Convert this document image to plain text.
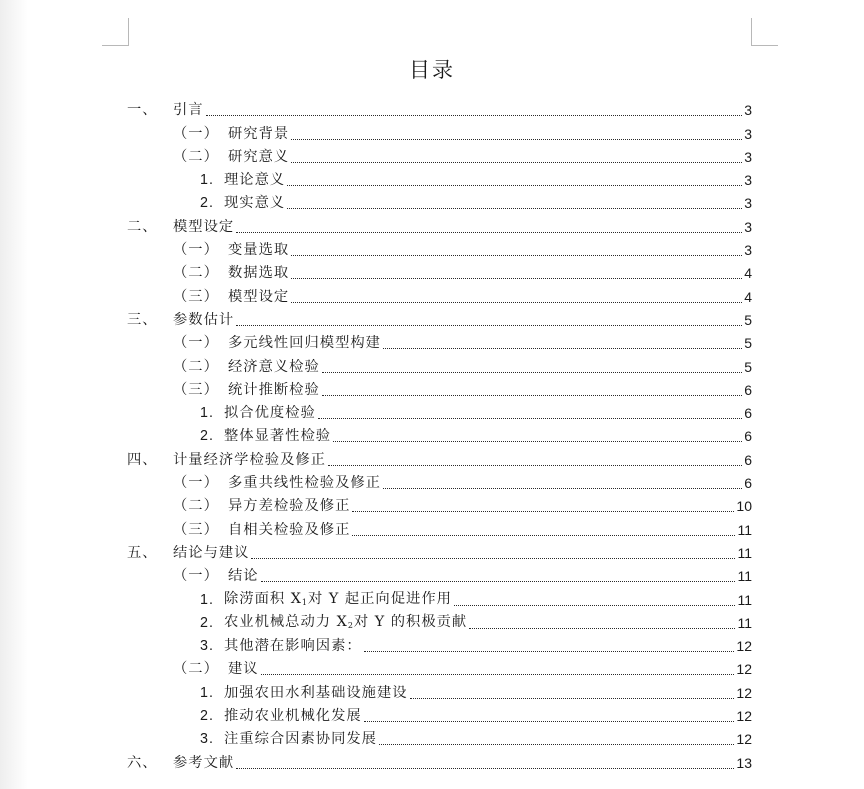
目录
一、	引言	3
（一） 研究背景	3
（二） 研究意义	3
1. 理论意义	3
2. 现实意义	3
二、	模型设定	3
（一） 变量选取	3
（二） 数据选取	4
（三） 模型设定	4
三、	参数估计	5
（一） 多元线性回归模型构建	5
（二） 经济意义检验	5
（三） 统计推断检验	6
1. 拟合优度检验	6
2. 整体显著性检验	6
四、	计量经济学检验及修正	6
（一） 多重共线性检验及修正	6
（二） 异方差检验及修正	10
（三） 自相关检验及修正	11
五、	结论与建议	11
（一） 结论	11
1. 除涝面积 X1对 Y 起正向促进作用	11
2. 农业机械总动力 X2对 Y 的积极贡献	11
3. 其他潜在影响因素：	12
（二） 建议	12
1. 加强农田水利基础设施建设	12
2. 推动农业机械化发展	12
3. 注重综合因素协同发展	12
六、	参考文献	13
